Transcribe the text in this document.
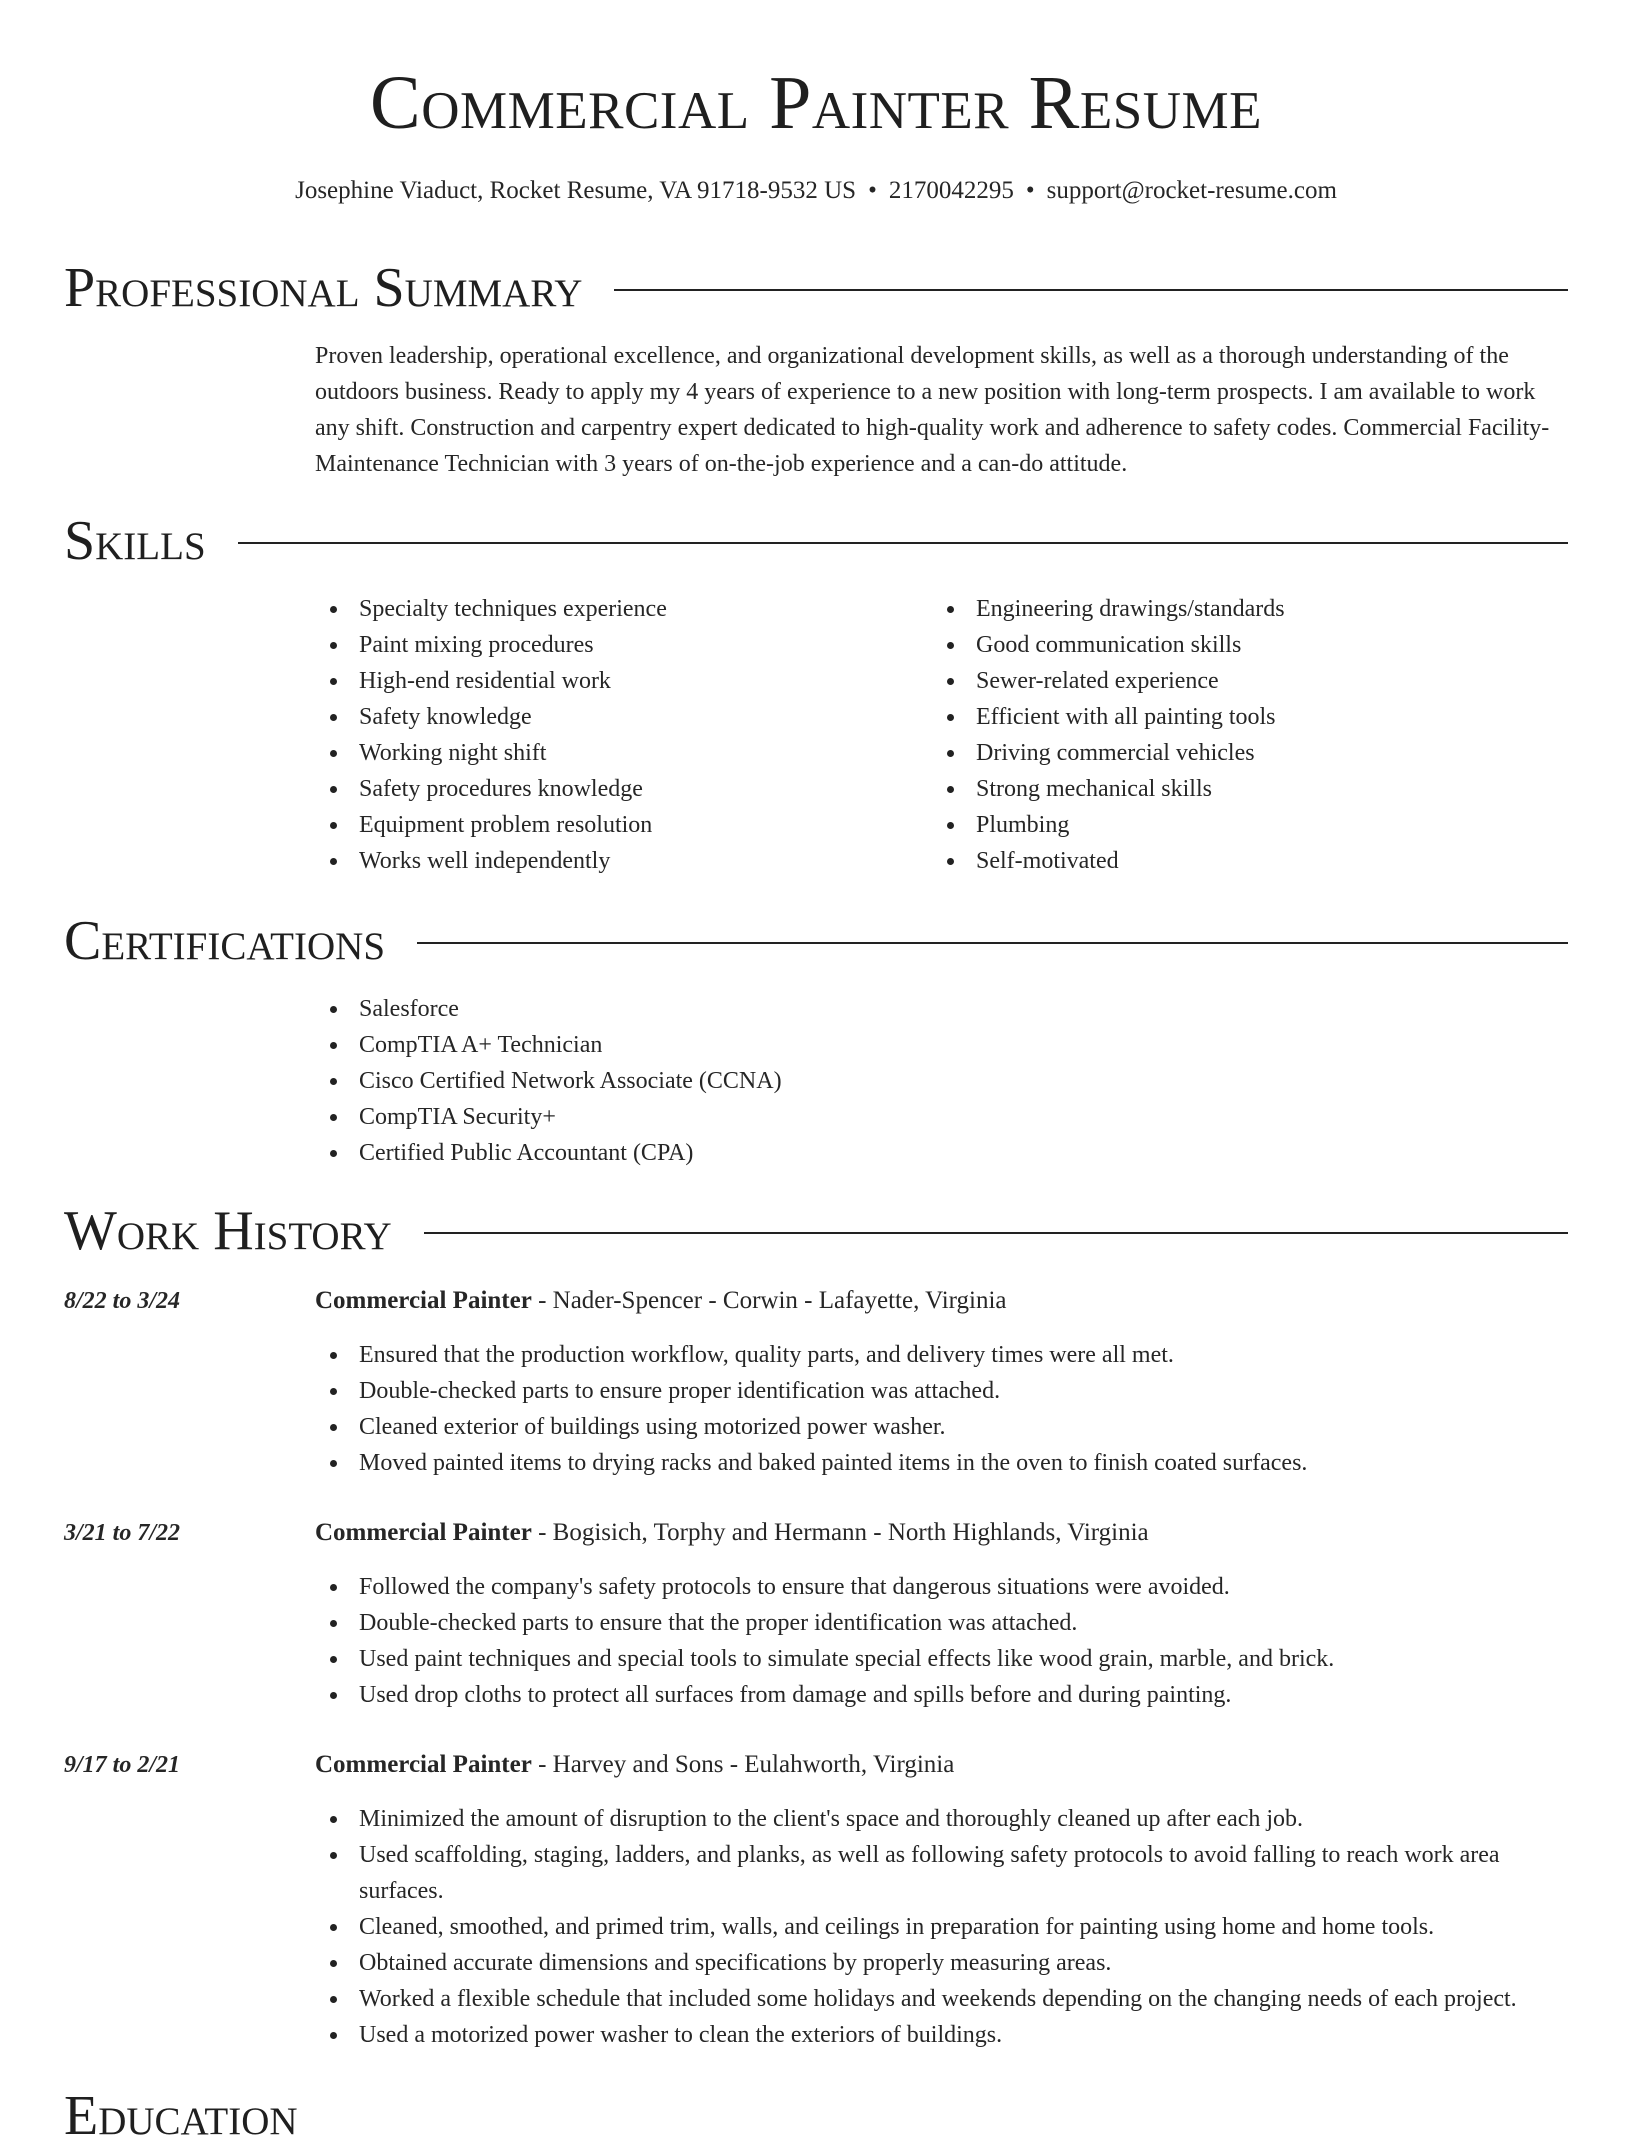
Commercial Painter Resume
Josephine Viaduct, Rocket Resume, VA 91718-9532 US • 2170042295 • support@rocket-resume.com
Professional Summary
Proven leadership, operational excellence, and organizational development skills, as well as a thorough understanding of the outdoors business. Ready to apply my 4 years of experience to a new position with long-term prospects. I am available to work any shift. Construction and carpentry expert dedicated to high-quality work and adherence to safety codes. Commercial Facility-Maintenance Technician with 3 years of on-the-job experience and a can-do attitude.
Skills
Specialty techniques experience
Paint mixing procedures
High-end residential work
Safety knowledge
Working night shift
Safety procedures knowledge
Equipment problem resolution
Works well independently
Engineering drawings/standards
Good communication skills
Sewer-related experience
Efficient with all painting tools
Driving commercial vehicles
Strong mechanical skills
Plumbing
Self-motivated
Certifications
Salesforce
CompTIA A+ Technician
Cisco Certified Network Associate (CCNA)
CompTIA Security+
Certified Public Accountant (CPA)
Work History
8/22 to 3/24	Commercial Painter - Nader-Spencer - Corwin - Lafayette, Virginia
Ensured that the production workflow, quality parts, and delivery times were all met.
Double-checked parts to ensure proper identification was attached.
Cleaned exterior of buildings using motorized power washer.
Moved painted items to drying racks and baked painted items in the oven to finish coated surfaces.
3/21 to 7/22	Commercial Painter - Bogisich, Torphy and Hermann - North Highlands, Virginia
Followed the company's safety protocols to ensure that dangerous situations were avoided.
Double-checked parts to ensure that the proper identification was attached.
Used paint techniques and special tools to simulate special effects like wood grain, marble, and brick.
Used drop cloths to protect all surfaces from damage and spills before and during painting.
9/17 to 2/21	Commercial Painter - Harvey and Sons - Eulahworth, Virginia
Minimized the amount of disruption to the client's space and thoroughly cleaned up after each job.
Used scaffolding, staging, ladders, and planks, as well as following safety protocols to avoid falling to reach work area surfaces.
Cleaned, smoothed, and primed trim, walls, and ceilings in preparation for painting using home and home tools.
Obtained accurate dimensions and specifications by properly measuring areas.
Worked a flexible schedule that included some holidays and weekends depending on the changing needs of each project.
Used a motorized power washer to clean the exteriors of buildings.
Education
